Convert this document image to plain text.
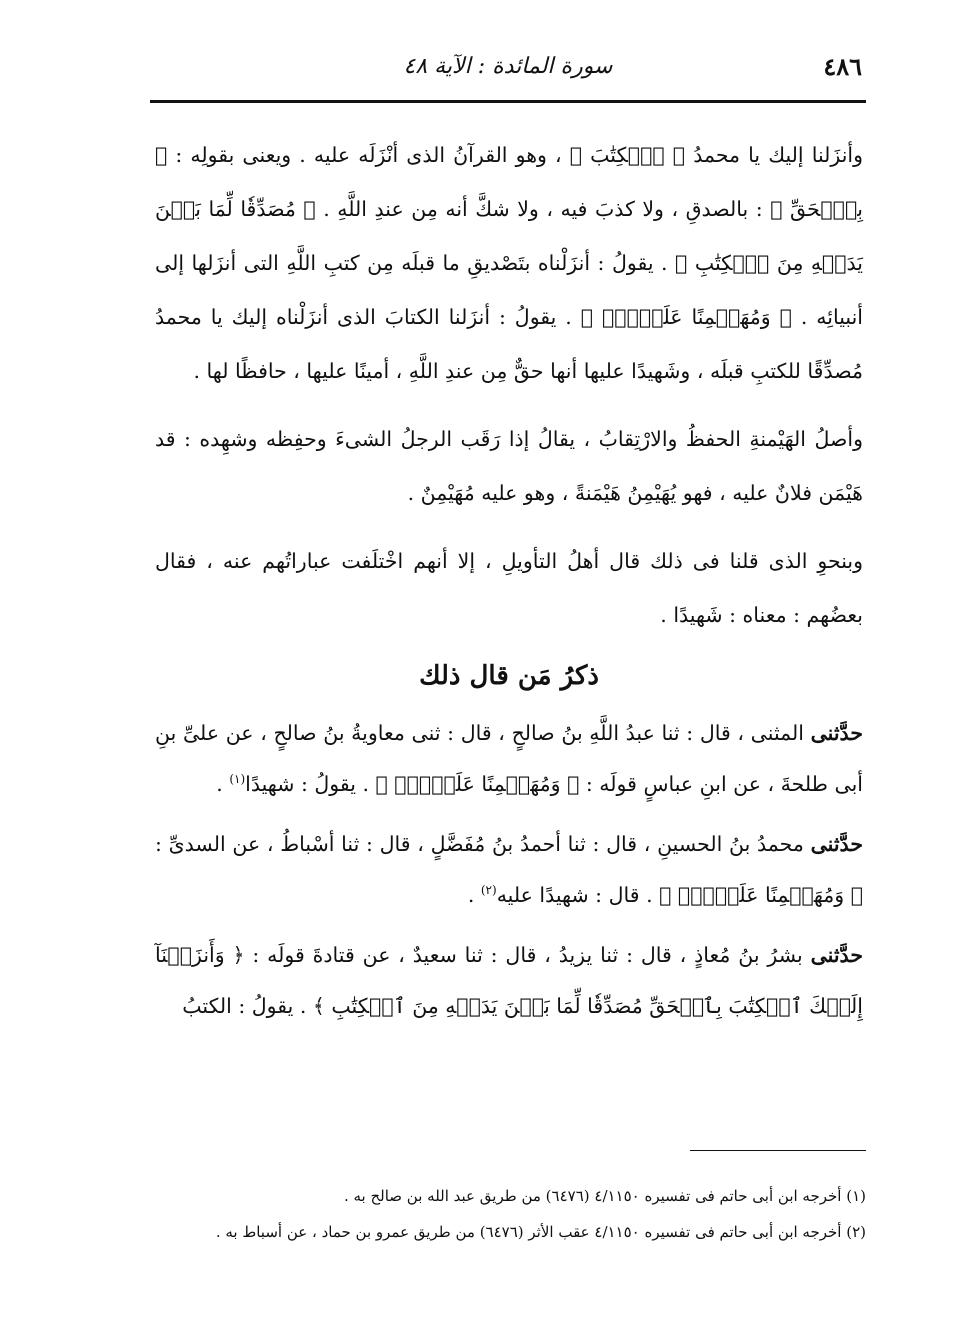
٤٨٦
سورة المائدة : الآية ٤٨

وأنزَلنا إليك يا محمدُ ﴿ ٱلۡكِتَٰبَ ﴾ ، وهو القرآنُ الذى أنْزَلَه عليه . ويعنى بقولِه : ﴿ بِٱلۡحَقِّ ﴾ : بالصدقِ ، ولا كذبَ فيه ، ولا شكَّ أنه مِن عندِ اللَّهِ . ﴿ مُصَدِّقٗا لِّمَا بَيۡنَ يَدَيۡهِ مِنَ ٱلۡكِتَٰبِ ﴾ . يقولُ : أنزَلْناه بتَصْديقِ ما قبلَه مِن كتبِ اللَّهِ التى أنزَلها إلى أنبيائِه . ﴿ وَمُهَيۡمِنًا عَلَيۡهِۖ ﴾ . يقولُ : أنزَلنا الكتابَ الذى أنزَلْناه إليك يا محمدُ مُصدِّقًا للكتبِ قبلَه ، وشَهيدًا عليها أنها حقٌّ مِن عندِ اللَّهِ ، أمينًا عليها ، حافظًا لها .

وأصلُ الهَيْمنةِ الحفظُ والارْتِقابُ ، يقالُ إذا رَقَب الرجلُ الشىءَ وحفِظه وشهِده : قد هَيْمَن فلانٌ عليه ، فهو يُهَيْمِنُ هَيْمَنةً ، وهو عليه مُهَيْمِنٌ .

وبنحوِ الذى قلنا فى ذلك قال أهلُ التأويلِ ، إلا أنهم اخْتلَفت عباراتُهم عنه ، فقال بعضُهم : معناه : شَهيدًا .

ذكرُ مَن قال ذلك

حدَّثنى المثنى ، قال : ثنا عبدُ اللَّهِ بنُ صالحٍ ، قال : ثنى معاويةُ بنُ صالحٍ ، عن علىِّ بنِ أبى طلحةَ ، عن ابنِ عباسٍ قولَه : ﴿ وَمُهَيۡمِنًا عَلَيۡهِۖ ﴾ . يقولُ : شهيدًا$^{(١)}$ .

حدَّثنى محمدُ بنُ الحسينِ ، قال : ثنا أحمدُ بنُ مُفَضَّلٍ ، قال : ثنا أسْباطُ ، عن السدىِّ : ﴿ وَمُهَيۡمِنًا عَلَيۡهِۖ ﴾ . قال : شهيدًا عليه$^{(٢)}$ .

حدَّثنى بشرُ بنُ مُعاذٍ ، قال : ثنا يزيدُ ، قال : ثنا سعيدٌ ، عن قتادةَ قولَه : ﴿ وَأَنزَلۡنَآ إِلَيۡكَ ٱلۡكِتَٰبَ بِٱلۡحَقِّ مُصَدِّقٗا لِّمَا بَيۡنَ يَدَيۡهِ مِنَ ٱلۡكِتَٰبِ ﴾ . يقولُ : الكتبُ

(١) أخرجه ابن أبى حاتم فى تفسيره ٤/١١٥٠ (٦٤٧٦) من طريق عبد الله بن صالح به .

(٢) أخرجه ابن أبى حاتم فى تفسيره ٤/١١٥٠ عقب الأثر (٦٤٧٦) من طريق عمرو بن حماد ، عن أسباط به .
